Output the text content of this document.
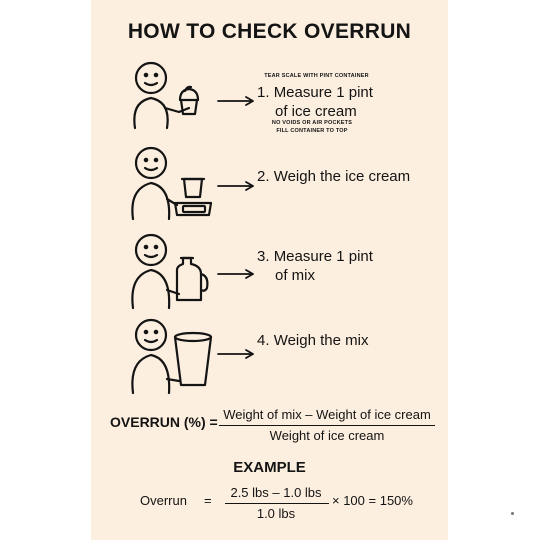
HOW TO CHECK OVERRUN
TEAR SCALE WITH PINT CONTAINER
1. Measure 1 pint
of ice cream
NO VOIDS OR AIR POCKETS
FILL CONTAINER TO TOP
2. Weigh the ice cream
3. Measure 1 pint
of mix
4. Weigh the mix
OVERRUN (%) = Weight of mix – Weight of ice cream
Weight of ice cream
EXAMPLE
Overrun =
2.5 lbs – 1.0 lbs
1.0 lbs
× 100 = 150%
